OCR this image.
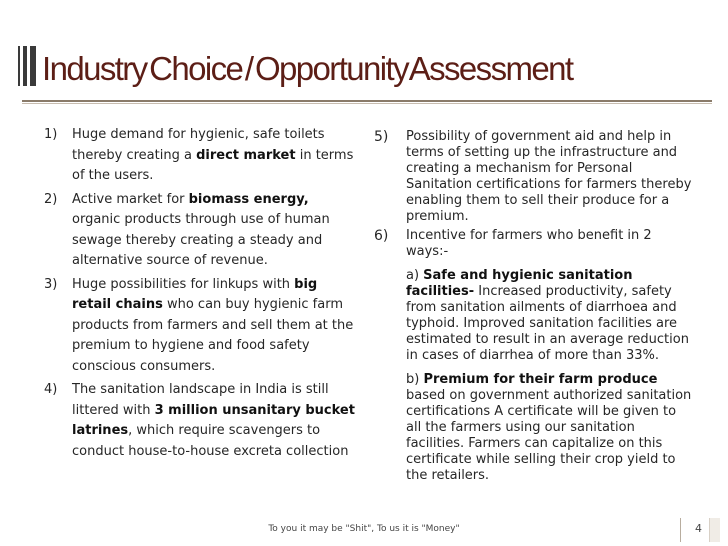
Industry Choice / Opportunity Assessment
1) Huge demand for hygienic, safe toilets thereby creating a direct market in terms of the users.
2) Active market for biomass energy, organic products through use of human sewage thereby creating a steady and alternative source of revenue.
3) Huge possibilities for linkups with big retail chains who can buy hygienic farm products from farmers and sell them at the premium to hygiene and food safety conscious consumers.
4) The sanitation landscape in India is still littered with 3 million unsanitary bucket latrines, which require scavengers to conduct house-to-house excreta collection
5) Possibility of government aid and help in terms of setting up the infrastructure and creating a mechanism for Personal Sanitation certifications for farmers thereby enabling them to sell their produce for a premium.
6) Incentive for farmers who benefit in 2 ways:-
a) Safe and hygienic sanitation facilities- Increased productivity, safety from sanitation ailments of diarrhoea and typhoid. Improved sanitation facilities are estimated to result in an average reduction in cases of diarrhea of more than 33%.
b) Premium for their farm produce based on government authorized sanitation certifications A certificate will be given to all the farmers using our sanitation facilities. Farmers can capitalize on this certificate while selling their crop yield to the retailers.
To you it may be "Shit", To us it is "Money"	4
